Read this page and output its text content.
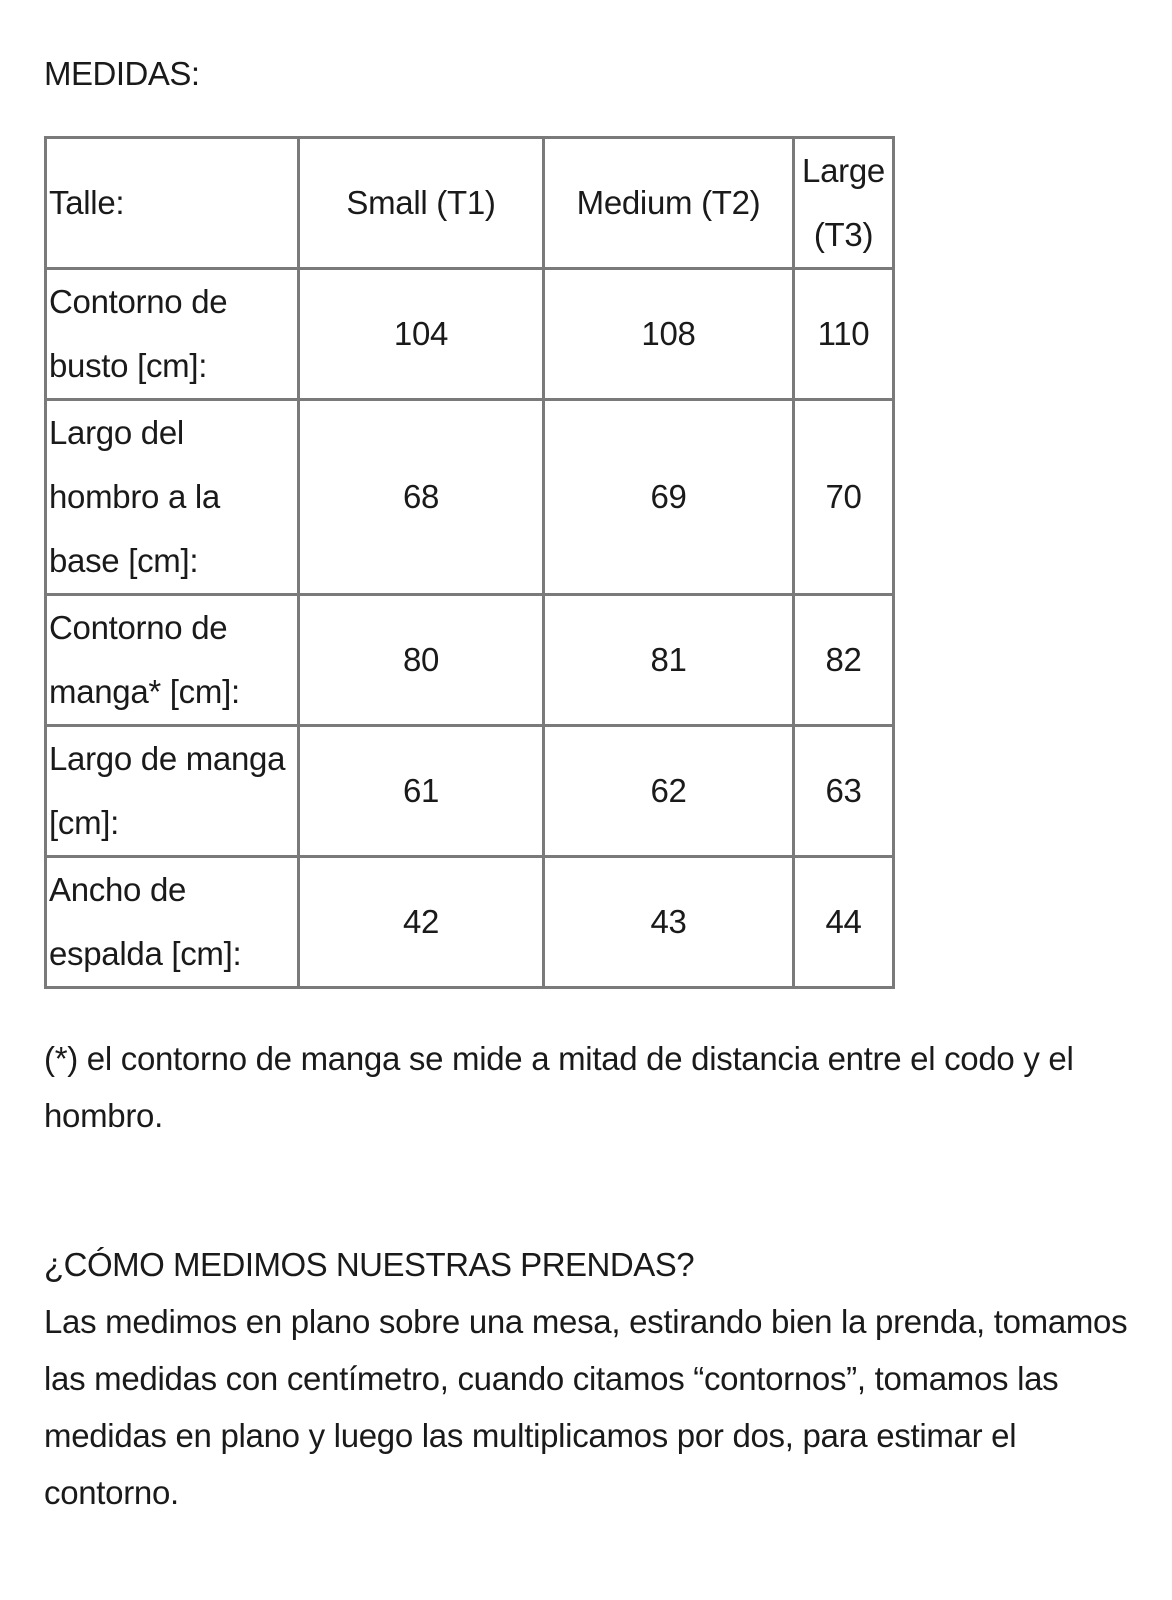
MEDIDAS:

Talle:	Small (T1)	Medium (T2)	Large (T3)
Contorno de busto [cm]:	104	108	110
Largo del hombro a la base [cm]:	68	69	70
Contorno de manga* [cm]:	80	81	82
Largo de manga [cm]:	61	62	63
Ancho de espalda [cm]:	42	43	44

(*) el contorno de manga se mide a mitad de distancia entre el codo y el hombro.

¿CÓMO MEDIMOS NUESTRAS PRENDAS?

Las medimos en plano sobre una mesa, estirando bien la prenda, tomamos las medidas con centímetro, cuando citamos “contornos”, tomamos las medidas en plano y luego las multiplicamos por dos, para estimar el contorno.
